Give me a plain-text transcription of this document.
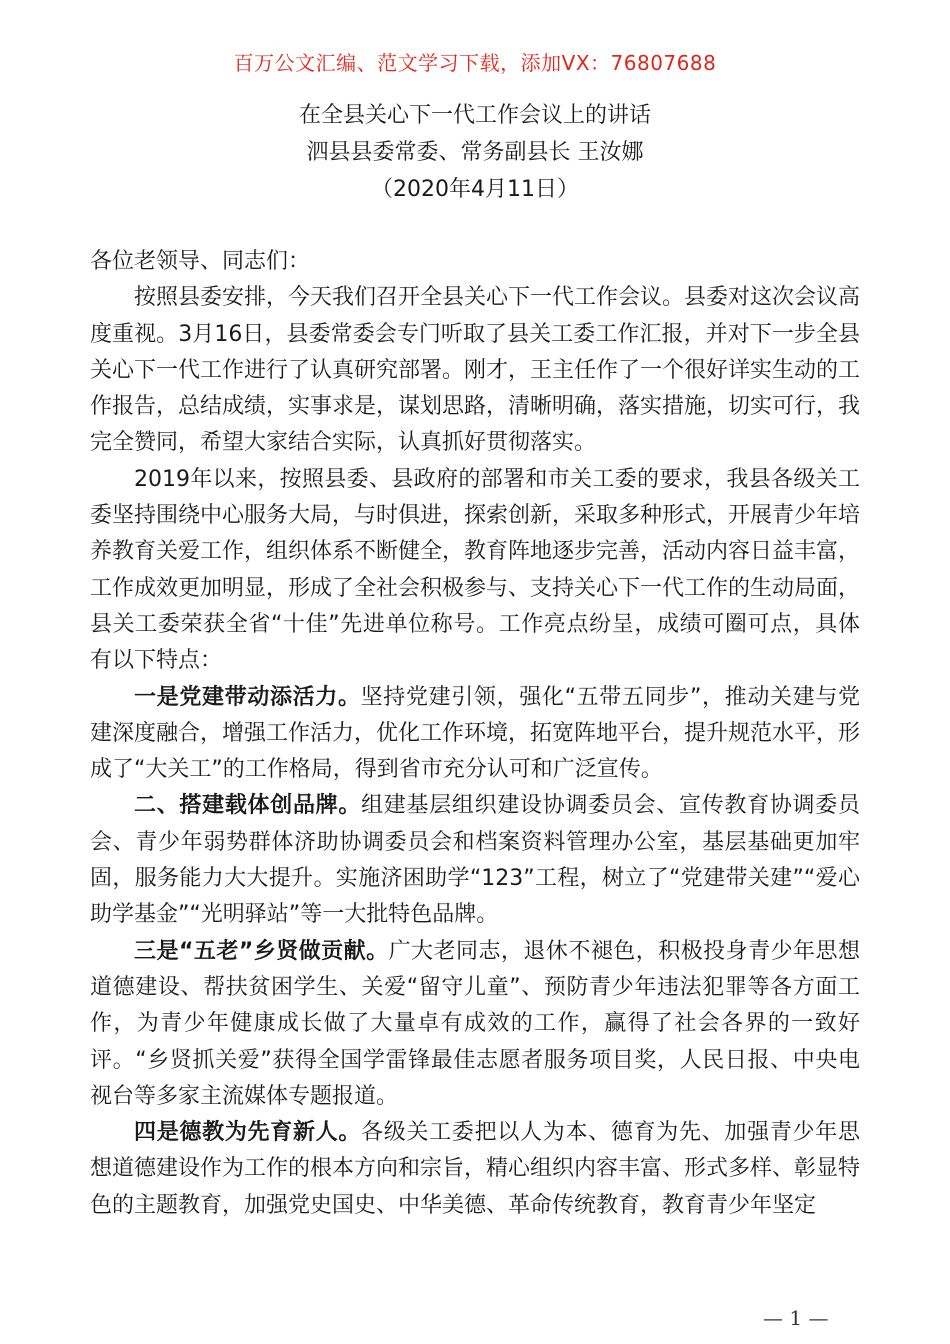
百万公文汇编、范文学习下载，添加VX：76807688
在全县关心下一代工作会议上的讲话
泗县县委常委、常务副县长 王汝娜
（2020年4月11日）

各位老领导、同志们：

按照县委安排，今天我们召开全县关心下一代工作会议。县委对这次会议高度重视。3月16日，县委常委会专门听取了县关工委工作汇报，并对下一步全县关心下一代工作进行了认真研究部署。刚才，王主任作了一个很好详实生动的工作报告，总结成绩，实事求是，谋划思路，清晰明确，落实措施，切实可行，我完全赞同，希望大家结合实际，认真抓好贯彻落实。

2019年以来，按照县委、县政府的部署和市关工委的要求，我县各级关工委坚持围绕中心服务大局，与时俱进，探索创新，采取多种形式，开展青少年培养教育关爱工作，组织体系不断健全，教育阵地逐步完善，活动内容日益丰富，工作成效更加明显，形成了全社会积极参与、支持关心下一代工作的生动局面，县关工委荣获全省“十佳”先进单位称号。工作亮点纷呈，成绩可圈可点，具体有以下特点：

一是党建带动添活力。坚持党建引领，强化“五带五同步”，推动关建与党建深度融合，增强工作活力，优化工作环境，拓宽阵地平台，提升规范水平，形成了“大关工”的工作格局，得到省市充分认可和广泛宣传。

二、搭建载体创品牌。组建基层组织建设协调委员会、宣传教育协调委员会、青少年弱势群体济助协调委员会和档案资料管理办公室，基层基础更加牢固，服务能力大大提升。实施济困助学“123”工程，树立了“党建带关建”“爱心助学基金”“光明驿站”等一大批特色品牌。

三是“五老”乡贤做贡献。广大老同志，退休不褪色，积极投身青少年思想道德建设、帮扶贫困学生、关爱“留守儿童”、预防青少年违法犯罪等各方面工作，为青少年健康成长做了大量卓有成效的工作，赢得了社会各界的一致好评。“乡贤抓关爱”获得全国学雷锋最佳志愿者服务项目奖，人民日报、中央电视台等多家主流媒体专题报道。

四是德教为先育新人。各级关工委把以人为本、德育为先、加强青少年思想道德建设作为工作的根本方向和宗旨，精心组织内容丰富、形式多样、彰显特色的主题教育，加强党史国史、中华美德、革命传统教育，教育青少年坚定

— 1 —
